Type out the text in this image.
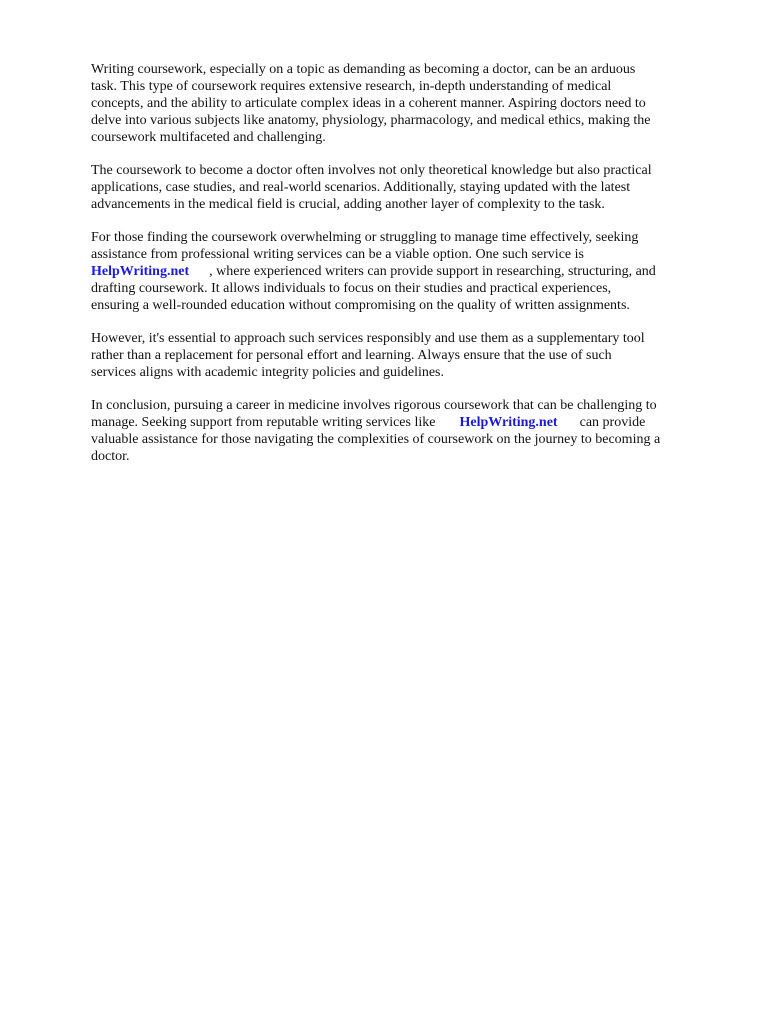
Writing coursework, especially on a topic as demanding as becoming a doctor, can be an arduous
task. This type of coursework requires extensive research, in-depth understanding of medical
concepts, and the ability to articulate complex ideas in a coherent manner. Aspiring doctors need to
delve into various subjects like anatomy, physiology, pharmacology, and medical ethics, making the
coursework multifaceted and challenging.

The coursework to become a doctor often involves not only theoretical knowledge but also practical
applications, case studies, and real-world scenarios. Additionally, staying updated with the latest
advancements in the medical field is crucial, adding another layer of complexity to the task.

For those finding the coursework overwhelming or struggling to manage time effectively, seeking
assistance from professional writing services can be a viable option. One such service is
HelpWriting.net , where experienced writers can provide support in researching, structuring, and
drafting coursework. It allows individuals to focus on their studies and practical experiences,
ensuring a well-rounded education without compromising on the quality of written assignments.

However, it's essential to approach such services responsibly and use them as a supplementary tool
rather than a replacement for personal effort and learning. Always ensure that the use of such
services aligns with academic integrity policies and guidelines.

In conclusion, pursuing a career in medicine involves rigorous coursework that can be challenging to
manage. Seeking support from reputable writing services like HelpWriting.net can provide
valuable assistance for those navigating the complexities of coursework on the journey to becoming a
doctor.
